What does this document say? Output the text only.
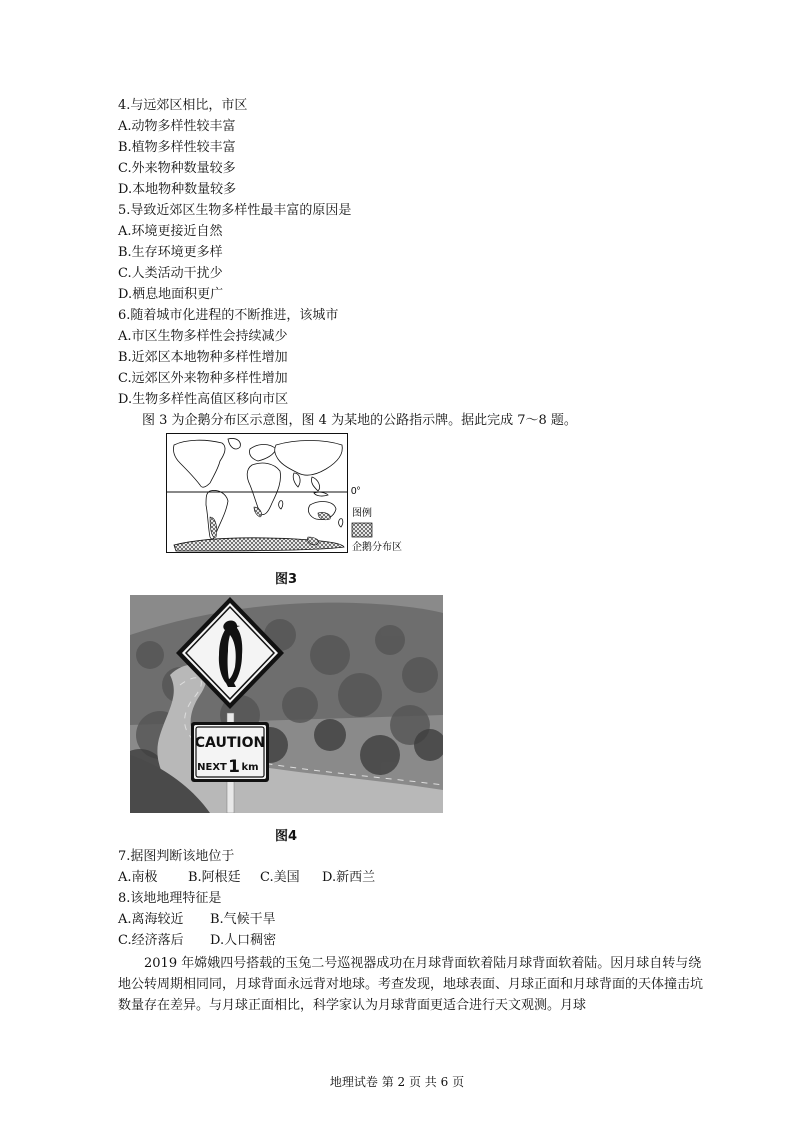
4.与远郊区相比，市区
A.动物多样性较丰富
B.植物多样性较丰富
C.外来物种数量较多
D.本地物种数量较多
5.导致近郊区生物多样性最丰富的原因是
A.环境更接近自然
B.生存环境更多样
C.人类活动干扰少
D.栖息地面积更广
6.随着城市化进程的不断推进，该城市
A.市区生物多样性会持续减少
B.近郊区本地物种多样性增加
C.远郊区外来物种多样性增加
D.生物多样性高值区移向市区
图 3 为企鹅分布区示意图，图 4 为某地的公路指示牌。据此完成 7～8 题。
0°
图例
企鹅分布区
图3
CAUTION
NEXT 1 km
图4
7.据图判断该地位于
A.南极 B.阿根廷 C.美国 D.新西兰
8.该地地理特征是
A.离海较近 B.气候干旱
C.经济落后 D.人口稠密

2019 年嫦娥四号搭载的玉兔二号巡视器成功在月球背面软着陆月球背面软着陆。因月球自转与绕地公转周期相同同，月球背面永远背对地球。考查发现，地球表面、月球正面和月球背面的天体撞击坑数量存在差异。与月球正面相比，科学家认为月球背面更适合进行天文观测。月球

地理试卷 第 2 页 共 6 页
